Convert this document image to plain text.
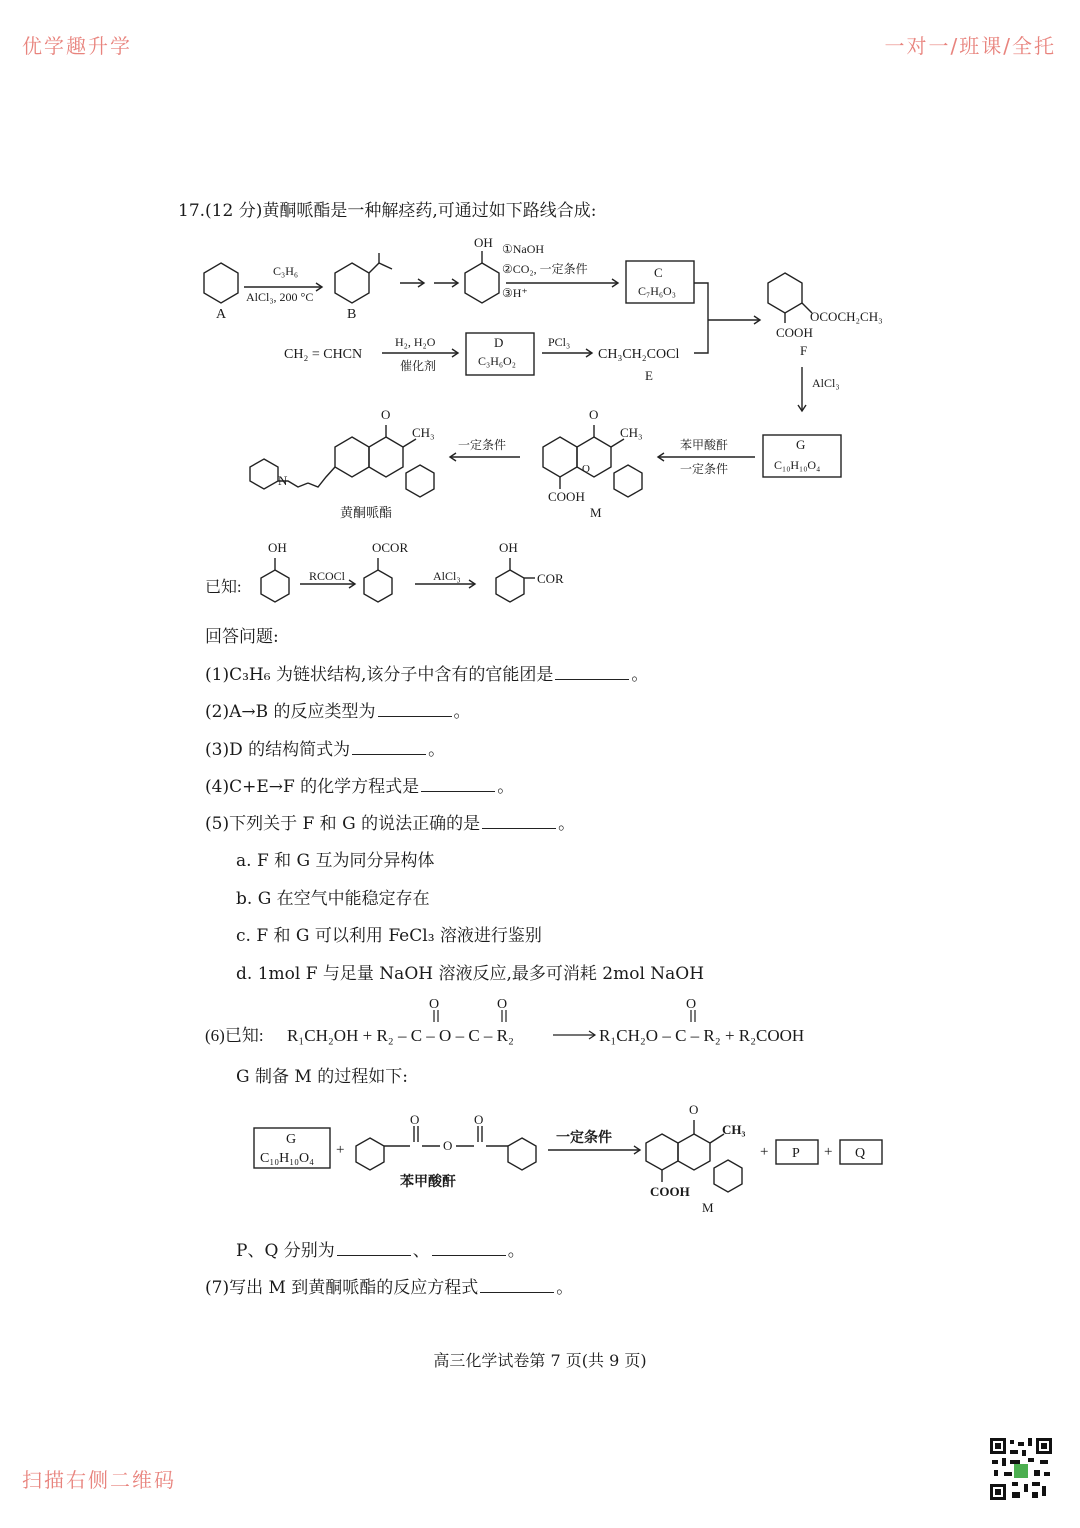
优学趣升学	一对一/班课/全托
17.(12 分)黄酮哌酯是一种解痉药,可通过如下路线合成:
A
C₃H₆
AlCl₃, 200 °C
B
OH ①NaOH
②CO₂, 一定条件
③H⁺
C
C₇H₆O₃
OCOCH₂CH₃
COOH
F
AlCl₃
CH₂ = CHCN
H₂, H₂O
催化剂
D
C₃H₆O₂
PCl₃
CH₃CH₂COCl
E
G
C₁₀H₁₀O₄
苯甲酸酐
一定条件
O
CH₃
O
COOH
M
一定条件
CH₃
O
N
黄酮哌酯
已知:
OH
RCOCl
OCOR
AlCl₃
OH
COR
回答问题:
(1)C₃H₆ 为链状结构,该分子中含有的官能团是	。
(2)A→B 的反应类型为	。
(3)D 的结构简式为	。
(4)C+E→F 的化学方程式是	。
(5)下列关于 F 和 G 的说法正确的是	。
a. F 和 G 互为同分异构体
b. G 在空气中能稳定存在
c. F 和 G 可以利用 FeCl₃ 溶液进行鉴别
d. 1mol F 与足量 NaOH 溶液反应,最多可消耗 2mol NaOH
O	O	O
(6)已知: R₁CH₂OH + R₂ – C – O – C – R₂	R₁CH₂O – C – R₂ + R₂COOH
G 制备 M 的过程如下:
G
C₁₀H₁₀O₄
+
O	O
O
苯甲酸酐
一定条件
O
CH₃
COOH
M
+ P + Q
P、Q 分别为	、	。
(7)写出 M 到黄酮哌酯的反应方程式	。
高三化学试卷第 7 页(共 9 页)
扫描右侧二维码
